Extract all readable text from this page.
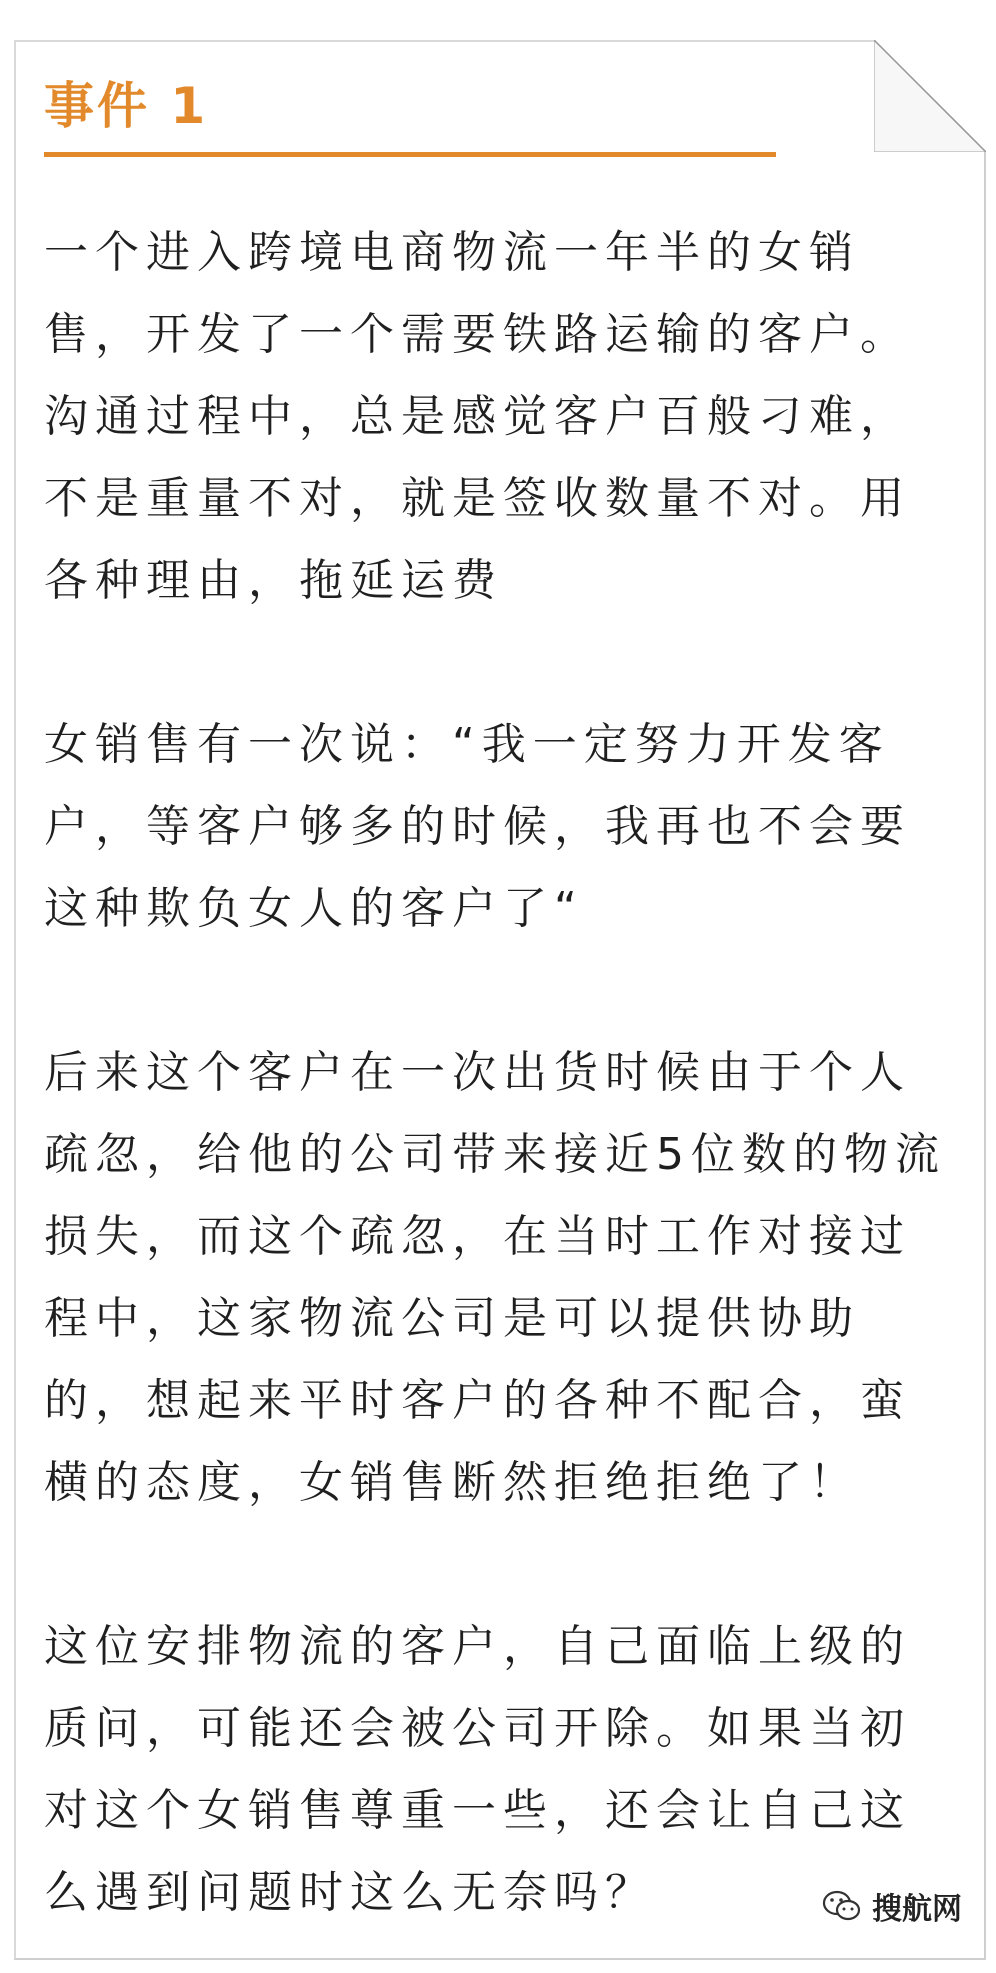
事件 1

一个进入跨境电商物流一年半的女销售，开发了一个需要铁路运输的客户。沟通过程中，总是感觉客户百般刁难，不是重量不对，就是签收数量不对。用各种理由，拖延运费

女销售有一次说：“我一定努力开发客户，等客户够多的时候，我再也不会要这种欺负女人的客户了“

后来这个客户在一次出货时候由于个人疏忽，给他的公司带来接近5位数的物流损失，而这个疏忽，在当时工作对接过程中，这家物流公司是可以提供协助的，想起来平时客户的各种不配合，蛮横的态度，女销售断然拒绝拒绝了！

这位安排物流的客户，自己面临上级的质问，可能还会被公司开除。如果当初对这个女销售尊重一些，还会让自己这么遇到问题时这么无奈吗？	搜航网
